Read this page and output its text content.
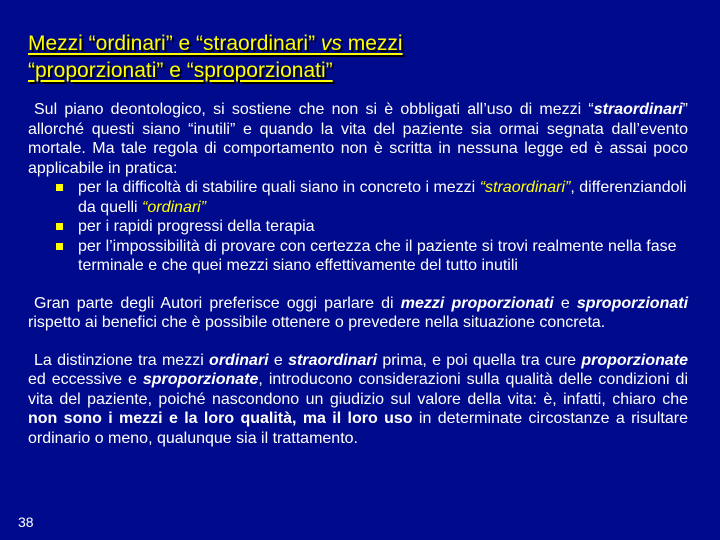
Mezzi “ordinari” e “straordinari” vs mezzi
“proporzionati” e “sproporzionati”

Sul piano deontologico, si sostiene che non si è obbligati all’uso di mezzi “straordinari” allorché questi siano “inutili” e quando la vita del paziente sia ormai segnata dall’evento mortale. Ma tale regola di comportamento non è scritta in nessuna legge ed è assai poco applicabile in pratica:

per la difficoltà di stabilire quali siano in concreto i mezzi “straordinari”, differenziandoli da quelli “ordinari”
per i rapidi progressi della terapia
per l’impossibilità di provare con certezza che il paziente si trovi realmente nella fase terminale e che quei mezzi siano effettivamente del tutto inutili

Gran parte degli Autori preferisce oggi parlare di mezzi proporzionati e sproporzionati rispetto ai benefici che è possibile ottenere o prevedere nella situazione concreta.

La distinzione tra mezzi ordinari e straordinari prima, e poi quella tra cure proporzionate ed eccessive e sproporzionate, introducono considerazioni sulla qualità delle condizioni di vita del paziente, poiché nascondono un giudizio sul valore della vita: è, infatti, chiaro che non sono i mezzi e la loro qualità, ma il loro uso in determinate circostanze a risultare ordinario o meno, qualunque sia il trattamento.

38
